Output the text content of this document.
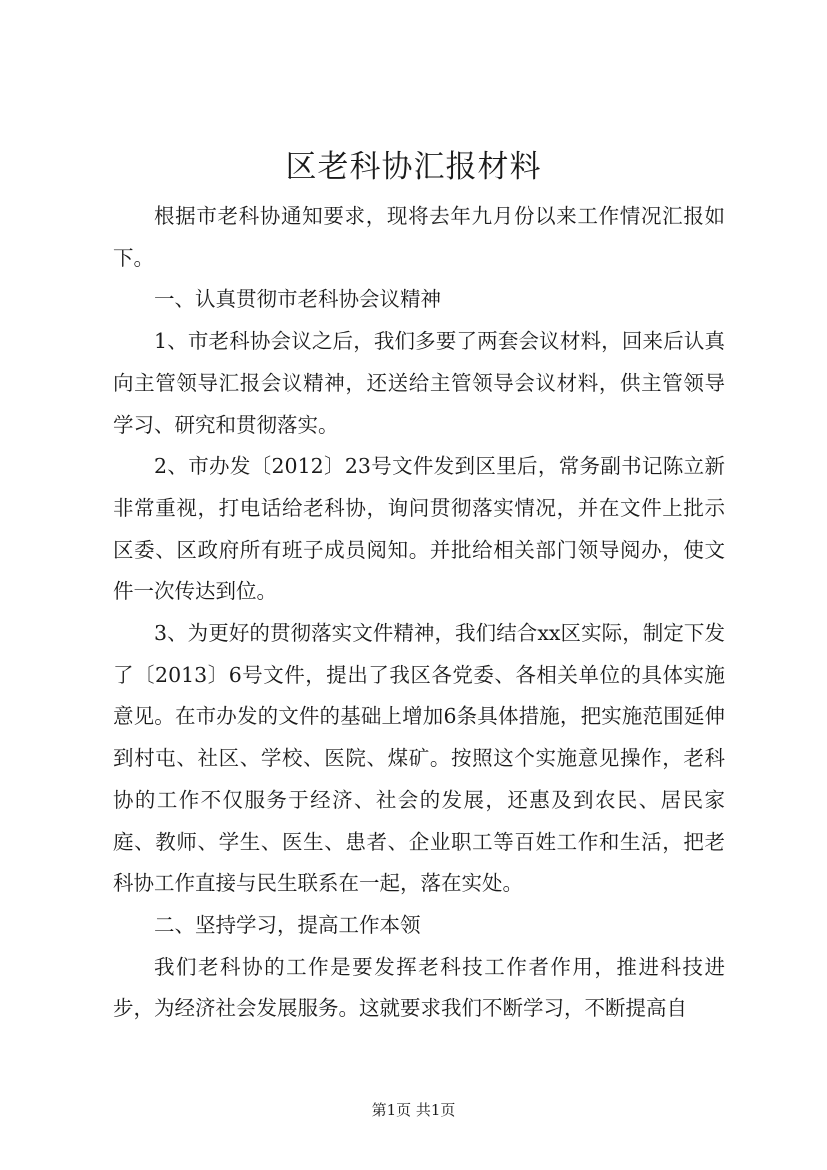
区老科协汇报材料

根据市老科协通知要求，现将去年九月份以来工作情况汇报如下。

一、认真贯彻市老科协会议精神

1、市老科协会议之后，我们多要了两套会议材料，回来后认真向主管领导汇报会议精神，还送给主管领导会议材料，供主管领导学习、研究和贯彻落实。

2、市办发〔2012〕23号文件发到区里后，常务副书记陈立新非常重视，打电话给老科协，询问贯彻落实情况，并在文件上批示区委、区政府所有班子成员阅知。并批给相关部门领导阅办，使文件一次传达到位。

3、为更好的贯彻落实文件精神，我们结合xx区实际，制定下发了〔2013〕6号文件，提出了我区各党委、各相关单位的具体实施意见。在市办发的文件的基础上增加6条具体措施，把实施范围延伸到村屯、社区、学校、医院、煤矿。按照这个实施意见操作，老科协的工作不仅服务于经济、社会的发展，还惠及到农民、居民家庭、教师、学生、医生、患者、企业职工等百姓工作和生活，把老科协工作直接与民生联系在一起，落在实处。

二、坚持学习，提高工作本领

我们老科协的工作是要发挥老科技工作者作用，推进科技进步，为经济社会发展服务。这就要求我们不断学习，不断提高自

第1页 共1页
